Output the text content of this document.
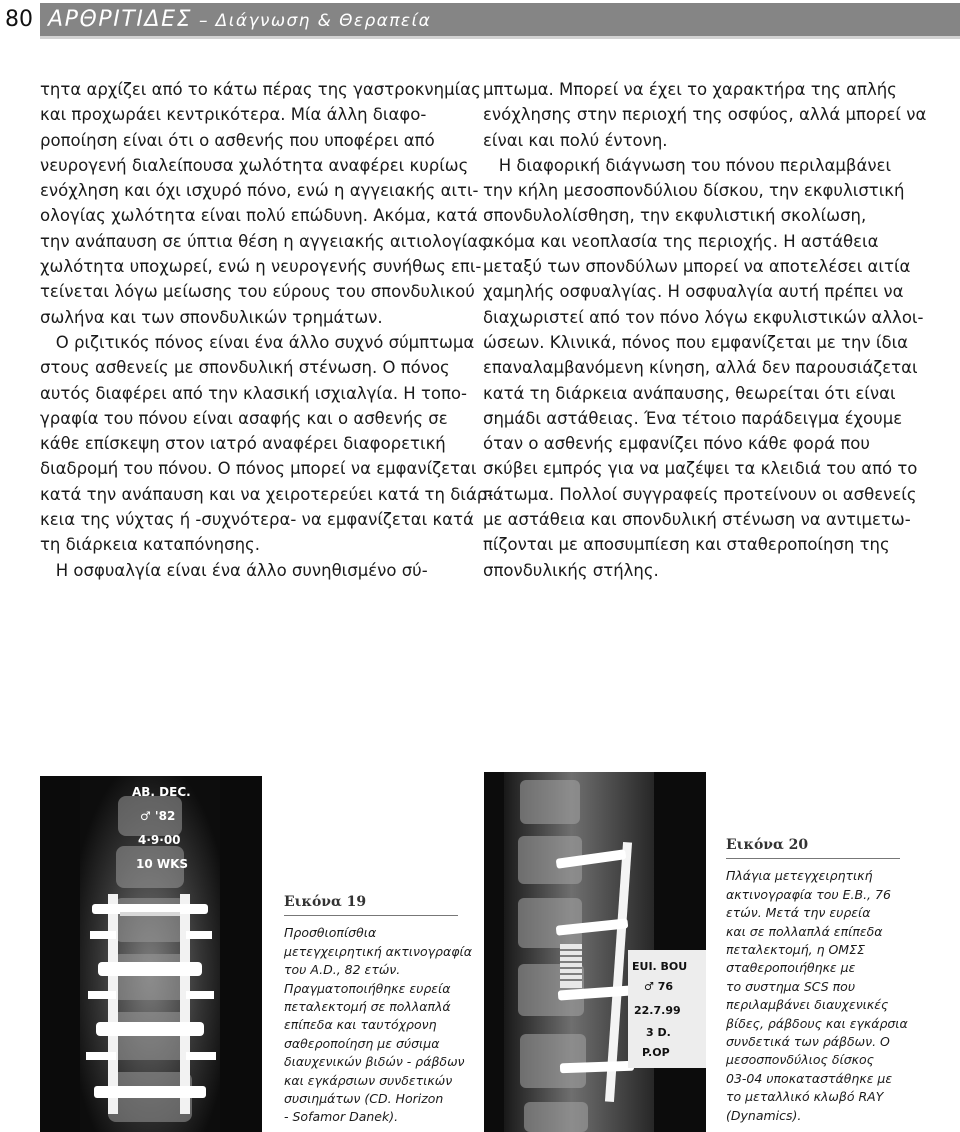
80 ΑΡΘΡΙΤΙΔΕΣ – Διάγνωση & Θεραπεία

τητα αρχίζει από το κάτω πέρας της γαστροκνημίας

και προχωράει κεντρικότερα. Μία άλλη διαφο-

ροποίηση είναι ότι ο ασθενής που υποφέρει από

νευρογενή διαλείπουσα χωλότητα αναφέρει κυρίως

ενόχληση και όχι ισχυρό πόνο, ενώ η αγγειακής αιτι-

ολογίας χωλότητα είναι πολύ επώδυνη. Ακόμα, κατά

την ανάπαυση σε ύπτια θέση η αγγειακής αιτιολογίας

χωλότητα υποχωρεί, ενώ η νευρογενής συνήθως επι-

τείνεται λόγω μείωσης του εύρους του σπονδυλικού

σωλήνα και των σπονδυλικών τρημάτων.

Ο ριζιτικός πόνος είναι ένα άλλο συχνό σύμπτωμα

στους ασθενείς με σπονδυλική στένωση. Ο πόνος

αυτός διαφέρει από την κλασική ισχιαλγία. Η τοπο-

γραφία του πόνου είναι ασαφής και ο ασθενής σε

κάθε επίσκεψη στον ιατρό αναφέρει διαφορετική

διαδρομή του πόνου. Ο πόνος μπορεί να εμφανίζεται

κατά την ανάπαυση και να χειροτερεύει κατά τη διάρ-

κεια της νύχτας ή -συχνότερα- να εμφανίζεται κατά

τη διάρκεια καταπόνησης.

Η οσφυαλγία είναι ένα άλλο συνηθισμένο σύ-

μπτωμα. Μπορεί να έχει το χαρακτήρα της απλής

ενόχλησης στην περιοχή της οσφύος, αλλά μπορεί να

είναι και πολύ έντονη.

Η διαφορική διάγνωση του πόνου περιλαμβάνει

την κήλη μεσοσπονδύλιου δίσκου, την εκφυλιστική

σπονδυλολίσθηση, την εκφυλιστική σκολίωση,

ακόμα και νεοπλασία της περιοχής. Η αστάθεια

μεταξύ των σπονδύλων μπορεί να αποτελέσει αιτία

χαμηλής οσφυαλγίας. Η οσφυαλγία αυτή πρέπει να

διαχωριστεί από τον πόνο λόγω εκφυλιστικών αλλοι-

ώσεων. Κλινικά, πόνος που εμφανίζεται με την ίδια

επαναλαμβανόμενη κίνηση, αλλά δεν παρουσιάζεται

κατά τη διάρκεια ανάπαυσης, θεωρείται ότι είναι

σημάδι αστάθειας. Ένα τέτοιο παράδειγμα έχουμε

όταν ο ασθενής εμφανίζει πόνο κάθε φορά που

σκύβει εμπρός για να μαζέψει τα κλειδιά του από το

πάτωμα. Πολλοί συγγραφείς προτείνουν οι ασθενείς

με αστάθεια και σπονδυλική στένωση να αντιμετω-

πίζονται με αποσυμπίεση και σταθεροποίηση της

σπονδυλικής στήλης.

AB. DEC.
♂ '82
4·9·00
10 WKS
Εικόνα 19
Προσθιοπίσθια
μετεγχειρητική ακτινογραφία
του A.D., 82 ετών.
Πραγματοποιήθηκε ευρεία
πεταλεκτομή σε πολλαπλά
επίπεδα και ταυτόχρονη
σαθεροποίηση με σύσιμα
διαυχενικών βιδών - ράβδων
και εγκάρσιων συνδετικών
συσιημάτων (CD. Horizon
- Sofamor Danek).
EUI. BOU
♂ 76
22.7.99
3 D.
P.OP
Εικόνα 20
Πλάγια μετεγχειρητική
ακτινογραφία του E.B., 76
ετών. Μετά την ευρεία
και σε πολλαπλά επίπεδα
πεταλεκτομή, η ΟΜΣΣ
σταθεροποιήθηκε με
το συστημα SCS που
περιλαμβάνει διαυχενικές
βίδες, ράβδους και εγκάρσια
συνδετικά των ράβδων. Ο
μεσοσπονδύλιος δίσκος
03-04 υποκαταστάθηκε με
το μεταλλικό κλωβό RAY
(Dynamics).
